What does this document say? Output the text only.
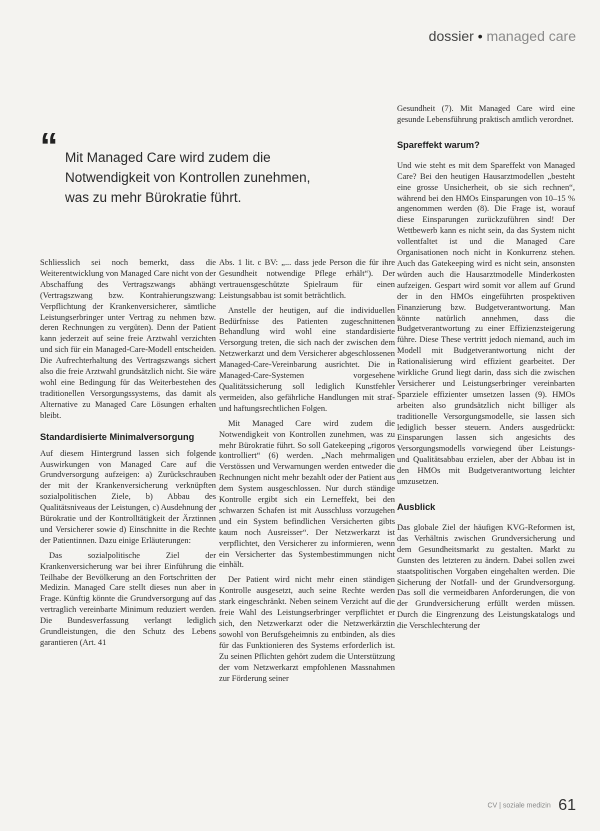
dossier • managed care
“ Mit Managed Care wird zudem die Notwendigkeit von Kontrollen zunehmen, was zu mehr Bürokratie führt.

Schliesslich sei noch bemerkt, dass die Weiterentwicklung von Managed Care nicht von der Abschaffung des Vertragszwangs abhängt (Vertragszwang bzw. Kontrahierungszwang: Verpflichtung der Krankenversicherer, sämtliche Leistungserbringer unter Vertrag zu nehmen bzw. deren Rechnungen zu vergüten). Denn der Patient kann jederzeit auf seine freie Arztwahl verzichten und sich für ein Managed-Care-Modell entscheiden. Die Aufrechterhaltung des Vertragszwangs sichert also die freie Arztwahl grundsätzlich nicht. Sie wäre wohl eine Bedingung für das Weiterbestehen des traditionellen Versorgungssystems, das damit als Alternative zu Managed Care Lösungen erhalten bleibt.

Standardisierte Minimalversorgung

Auf diesem Hintergrund lassen sich folgende Auswirkungen von Managed Care auf die Grundversorgung aufzeigen: a) Zurückschrauben der mit der Krankenversicherung verknüpften sozialpolitischen Ziele, b) Abbau des Qualitätsniveaus der Leistungen, c) Ausdehnung der Bürokratie und der Kontrolltätigkeit der Ärztinnen und Versicherer sowie d) Einschnitte in die Rechte der Patientinnen. Dazu einige Erläuterungen:

Das sozialpolitische Ziel der Krankenversicherung war bei ihrer Einführung die Teilhabe der Bevölkerung an den Fortschritten der Medizin. Managed Care stellt dieses nun aber in Frage. Künftig könnte die Grundversorgung auf das vertraglich vereinbarte Minimum reduziert werden. Die Bundesverfassung verlangt lediglich Grundleistungen, die den Schutz des Lebens garantieren (Art. 41

Abs. 1 lit. c BV: „... dass jede Person die für ihre Gesundheit notwendige Pflege erhält“). Der vertrauensgeschützte Spielraum für einen Leistungsabbau ist somit beträchtlich.

Anstelle der heutigen, auf die individuellen Bedürfnisse des Patienten zugeschnittenen Behandlung wird wohl eine standardisierte Versorgung treten, die sich nach der zwischen dem Netzwerkarzt und dem Versicherer abgeschlossenen Managed-Care-Vereinbarung ausrichtet. Die in Managed-Care-Systemen vorgesehene Qualitätssicherung soll lediglich Kunstfehler vermeiden, also gefährliche Handlungen mit straf- und haftungsrechtlichen Folgen.

Mit Managed Care wird zudem die Notwendigkeit von Kontrollen zunehmen, was zu mehr Bürokratie führt. So soll Gatekeeping „rigoros kontrolliert“ (6) werden. „Nach mehrmaligen Verstössen und Verwarnungen werden entweder die Rechnungen nicht mehr bezahlt oder der Patient aus dem System ausgeschlossen. Nur durch ständige Kontrolle ergibt sich ein Lerneffekt, bei den schwarzen Schafen ist mit Ausschluss vorzugehen und ein System befindlichen Versicherten gibts kaum noch Ausreisser“. Der Netzwerkarzt ist verpflichtet, den Versicherer zu informieren, wenn ein Versicherter das Systembestimmungen nicht einhält.

Der Patient wird nicht mehr einen ständigen Kontrolle ausgesetzt, auch seine Rechte werden stark eingeschränkt. Neben seinem Verzicht auf die freie Wahl des Leistungserbringer verpflichtet er sich, den Netzwerkarzt oder die Netzwerkärztin sowohl von Berufsgeheimnis zu entbinden, als dies für das Funktionieren des Systems erforderlich ist. Zu seinen Pflichten gehört zudem die Unterstützung der vom Netzwerkarzt empfohlenen Massnahmen zur Förderung seiner

Gesundheit (7). Mit Managed Care wird eine gesunde Lebensführung praktisch amtlich verordnet.

Spareffekt warum?

Und wie steht es mit dem Spareffekt von Managed Care? Bei den heutigen Hausarztmodellen „besteht eine grosse Unsicherheit, ob sie sich rechnen“, während bei den HMOs Einsparungen von 10–15 % angenommen werden (8). Die Frage ist, worauf diese Einsparungen zurückzuführen sind! Der Wettbewerb kann es nicht sein, da das System nicht vollentfaltet ist und die Managed Care Organisationen noch nicht in Konkurrenz stehen. Auch das Gatekeeping wird es nicht sein, ansonsten würden auch die Hausarztmodelle Minderkosten aufzeigen. Gespart wird somit vor allem auf Grund der in den HMOs eingeführten prospektiven Finanzierung bzw. Budgetverantwortung. Man könnte natürlich annehmen, dass die Budgetverantwortung zu einer Effizienzsteigerung führe. Diese These vertritt jedoch niemand, auch im Modell mit Budgetverantwortung nicht der Rationalisierung wird effizient gearbeitet. Der wirkliche Grund liegt darin, dass sich die zwischen Versicherer und Leistungserbringer vereinbarten Sparziele effizienter umsetzen lassen (9). HMOs arbeiten also grundsätzlich nicht billiger als traditionelle Versorgungsmodelle, sie lassen sich lediglich besser steuern. Anders ausgedrückt: Einsparungen lassen sich angesichts des Versorgungsmodells vorwiegend über Leistungs- und Qualitätsabbau erzielen, aber der Abbau ist in den HMOs mit Budgetverantwortung leichter umzusetzen.

Ausblick

Das globale Ziel der häufigen KVG-Reformen ist, das Verhältnis zwischen Grundversicherung und dem Gesundheitsmarkt zu gestalten. Markt zu Gunsten des letzteren zu ändern. Dabei sollen zwei staatspolitischen Vorgaben eingehalten werden. Die Sicherung der Notfall- und der Grundversorgung. Das soll die vermeidbaren Anforderungen, die von der Grundversicherung erfüllt werden müssen. Durch die Eingrenzung des Leistungskatalogs und die Verschlechterung der

CV | soziale medizin 61
